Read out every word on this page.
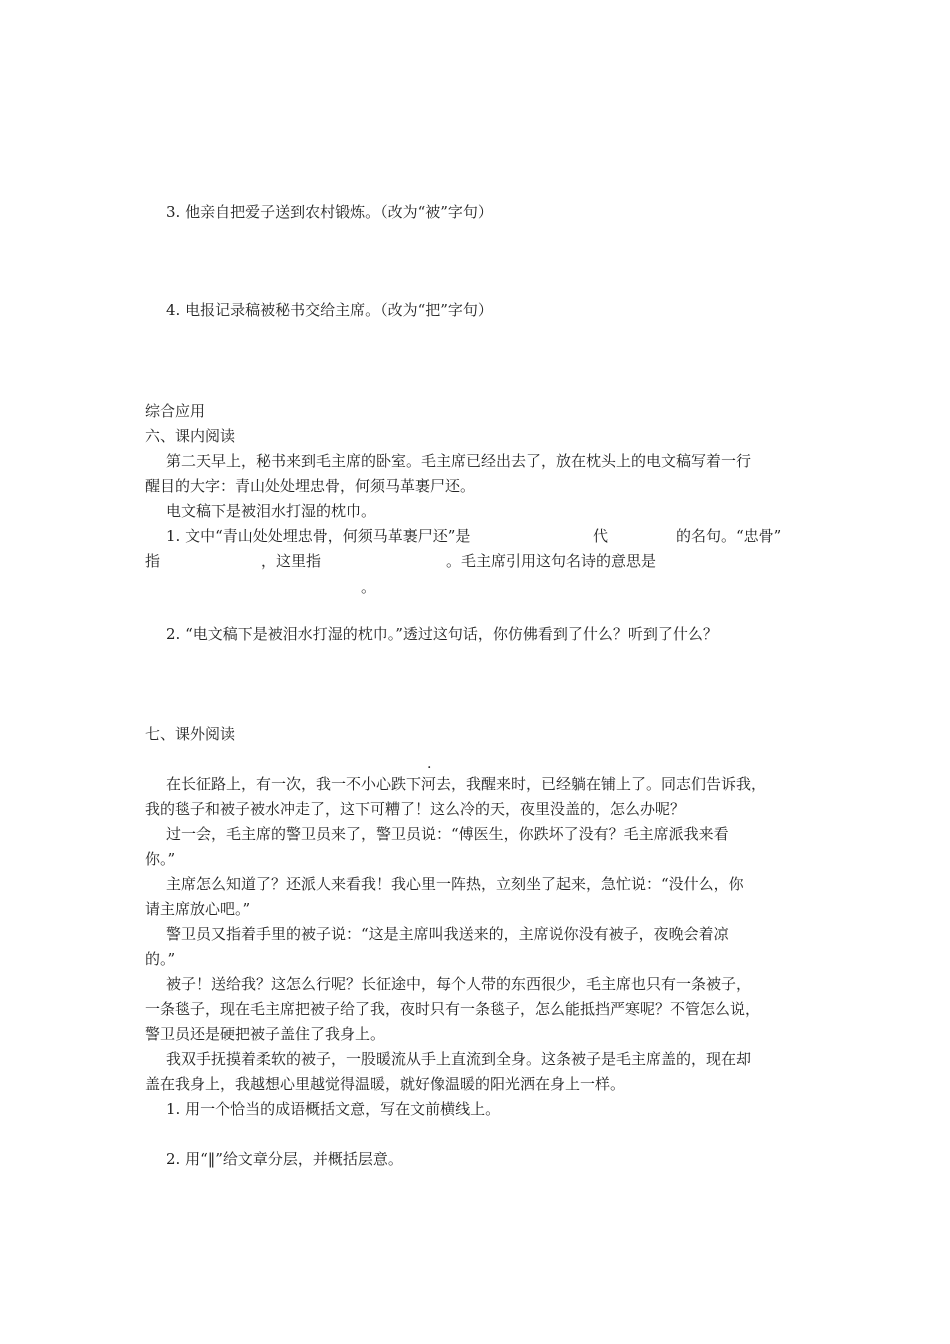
3. 他亲自把爱子送到农村锻炼。（改为“被”字句）
4. 电报记录稿被秘书交给主席。（改为“把”字句）
综合应用
六、课内阅读
第二天早上，秘书来到毛主席的卧室。毛主席已经出去了，放在枕头上的电文稿写着一行
醒目的大字：青山处处埋忠骨，何须马革裹尸还。
电文稿下是被泪水打湿的枕巾。
1. 文中“青山处处埋忠骨，何须马革裹尸还”是	代	的名句。“忠骨”
指	，这里指	。毛主席引用这句名诗的意思是
。
2. “电文稿下是被泪水打湿的枕巾。”透过这句话，你仿佛看到了什么？听到了什么？
七、课外阅读
.
在长征路上，有一次，我一不小心跌下河去，我醒来时，已经躺在铺上了。同志们告诉我，
我的毯子和被子被水冲走了，这下可糟了！这么冷的天，夜里没盖的，怎么办呢？
过一会，毛主席的警卫员来了，警卫员说：“傅医生，你跌坏了没有？毛主席派我来看
你。”
主席怎么知道了？还派人来看我！我心里一阵热，立刻坐了起来，急忙说：“没什么，你
请主席放心吧。”
警卫员又指着手里的被子说：“这是主席叫我送来的，主席说你没有被子，夜晚会着凉
的。”
被子！送给我？这怎么行呢？长征途中，每个人带的东西很少，毛主席也只有一条被子，
一条毯子，现在毛主席把被子给了我，夜时只有一条毯子，怎么能抵挡严寒呢？不管怎么说，
警卫员还是硬把被子盖住了我身上。
我双手抚摸着柔软的被子，一股暖流从手上直流到全身。这条被子是毛主席盖的，现在却
盖在我身上，我越想心里越觉得温暖，就好像温暖的阳光洒在身上一样。
1. 用一个恰当的成语概括文意，写在文前横线上。
2. 用“‖”给文章分层，并概括层意。
